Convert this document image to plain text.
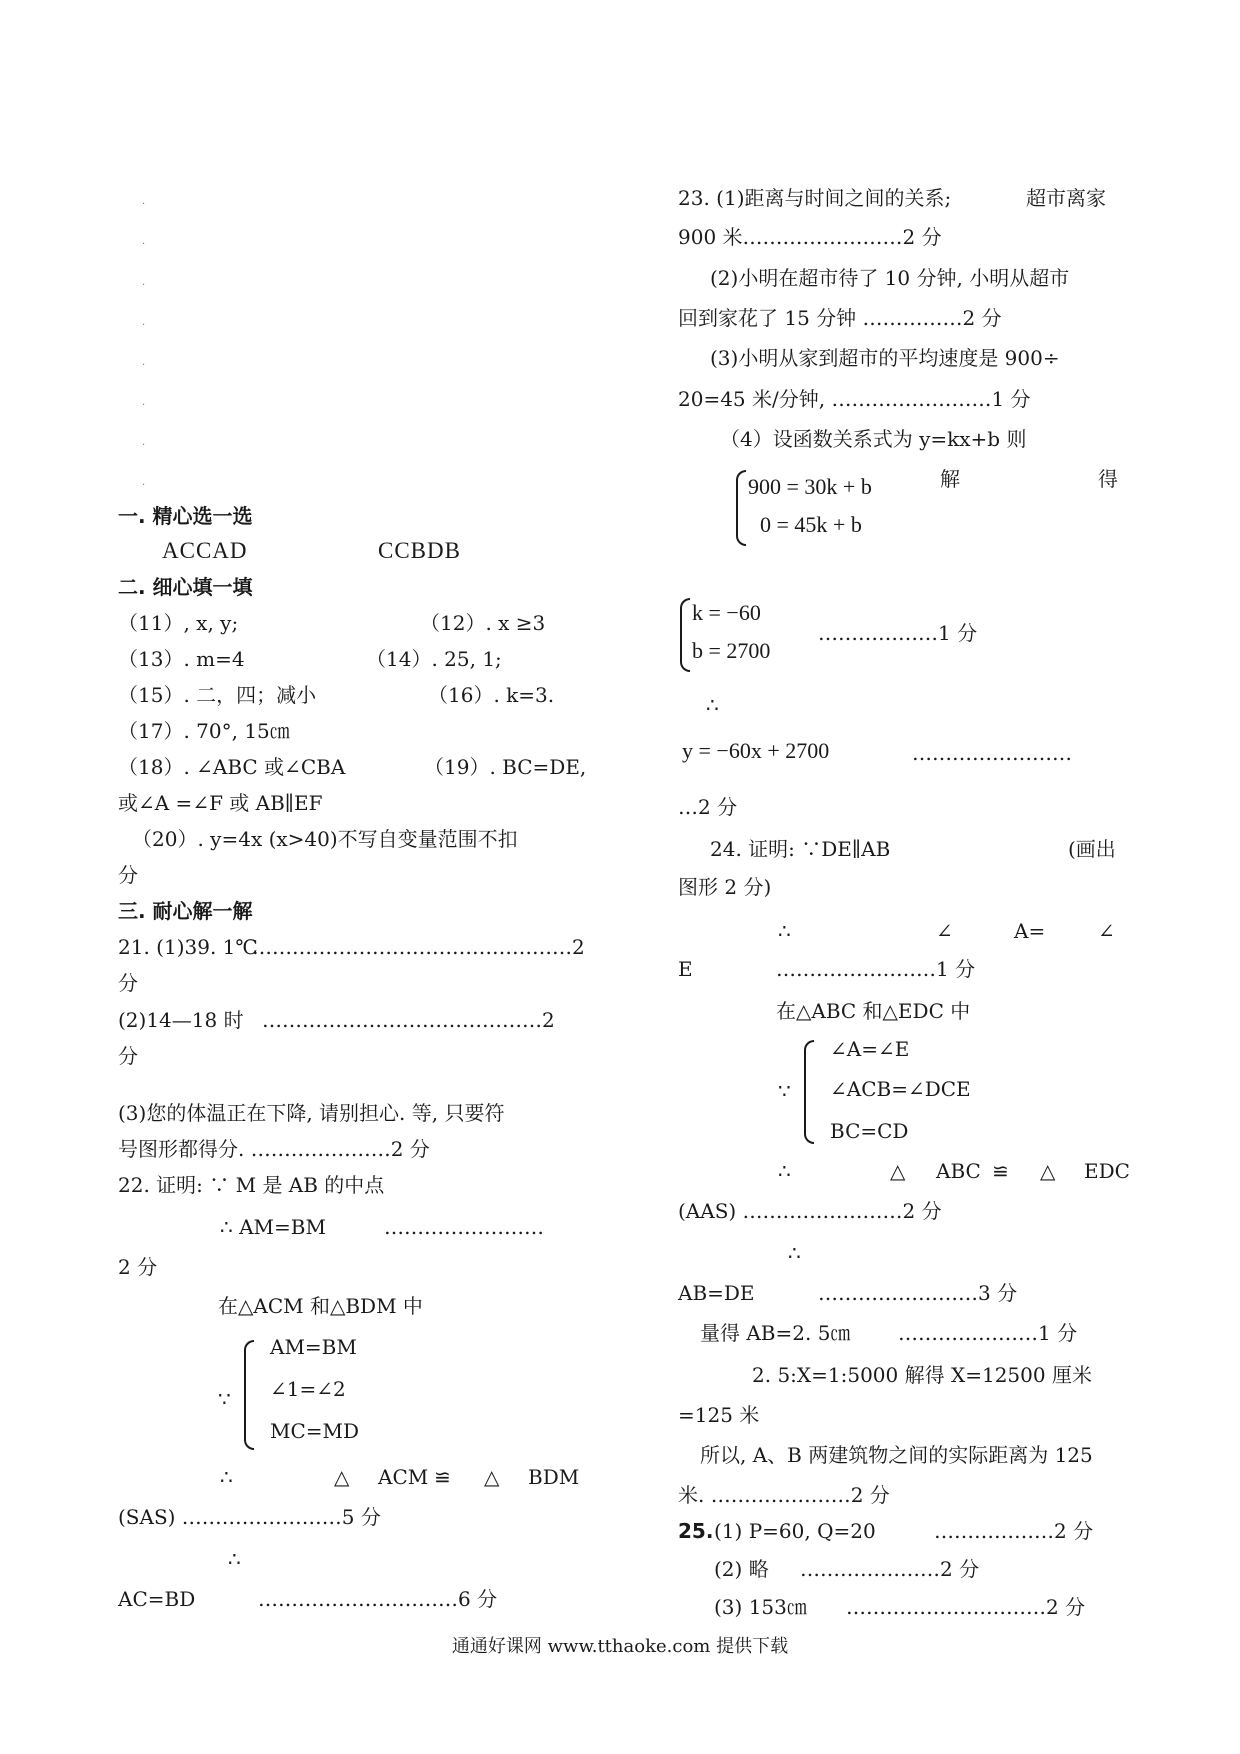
.
.
.
.
.
.
.
.
一. 精心选一选
ACCAD	CCBDB
二. 细心填一填
（11）, x, y;	（12）. x ≥3
（13）. m=4	（14）. 25, 1;
（15）. 二，四；减小	（16）. k=3.
（17）. 70°, 15㎝
（18）. ∠ABC 或∠CBA	（19）. BC=DE,
或∠A =∠F 或 AB∥EF
（20）. y=4x (x>40)不写自变量范围不扣
分
三. 耐心解一解
21. (1)39. 1℃
…………………………………………2
分
(2)14—18 时 ……………………………………2
分
(3)您的体温正在下降, 请别担心. 等, 只要符
号图形都得分. …………………2 分
22. 证明: ∵ M 是 AB 的中点
∴ AM=BM	……………………
2 分
在△ACM 和△BDM 中
∵
AM=BM
∠1=∠2
MC=MD
∴	△ ACM ≌ △ BDM
(SAS) ……………………5 分
∴
AC=BD	…………………………6 分
23. (1)距离与时间之间的关系;	超市离家
900 米……………………2 分
(2)小明在超市待了 10 分钟, 小明从超市
回到家花了 15 分钟 ……………2 分
(3)小明从家到超市的平均速度是 900÷
20=45 米/分钟, ……………………1 分
（4）设函数关系式为 y=kx+b 则
900 = 30k + b
0 = 45k + b
解	得
k = −60
b = 2700
………………1 分
∴
y = −60x + 2700	……………………
…2 分
24. 证明: ∵DE∥AB	(画出
图形 2 分)
∴	∠	A=	∠
E	……………………1 分
在△ABC 和△EDC 中
∵
∠A=∠E
∠ACB=∠DCE
BC=CD
∴	△ ABC ≌ △ EDC
(AAS) ……………………2 分
∴
AB=DE	……………………3 分
量得 AB=2. 5㎝ …………………1 分
2. 5:X=1:5000 解得 X=12500 厘米
=125 米
所以, A、B 两建筑物之间的实际距离为 125
米. …………………2 分
25. (1) P=60, Q=20	………………2 分
(2) 略 …………………2 分
(3) 153㎝ …………………………2 分
通通好课网 www.tthaoke.com 提供下载
